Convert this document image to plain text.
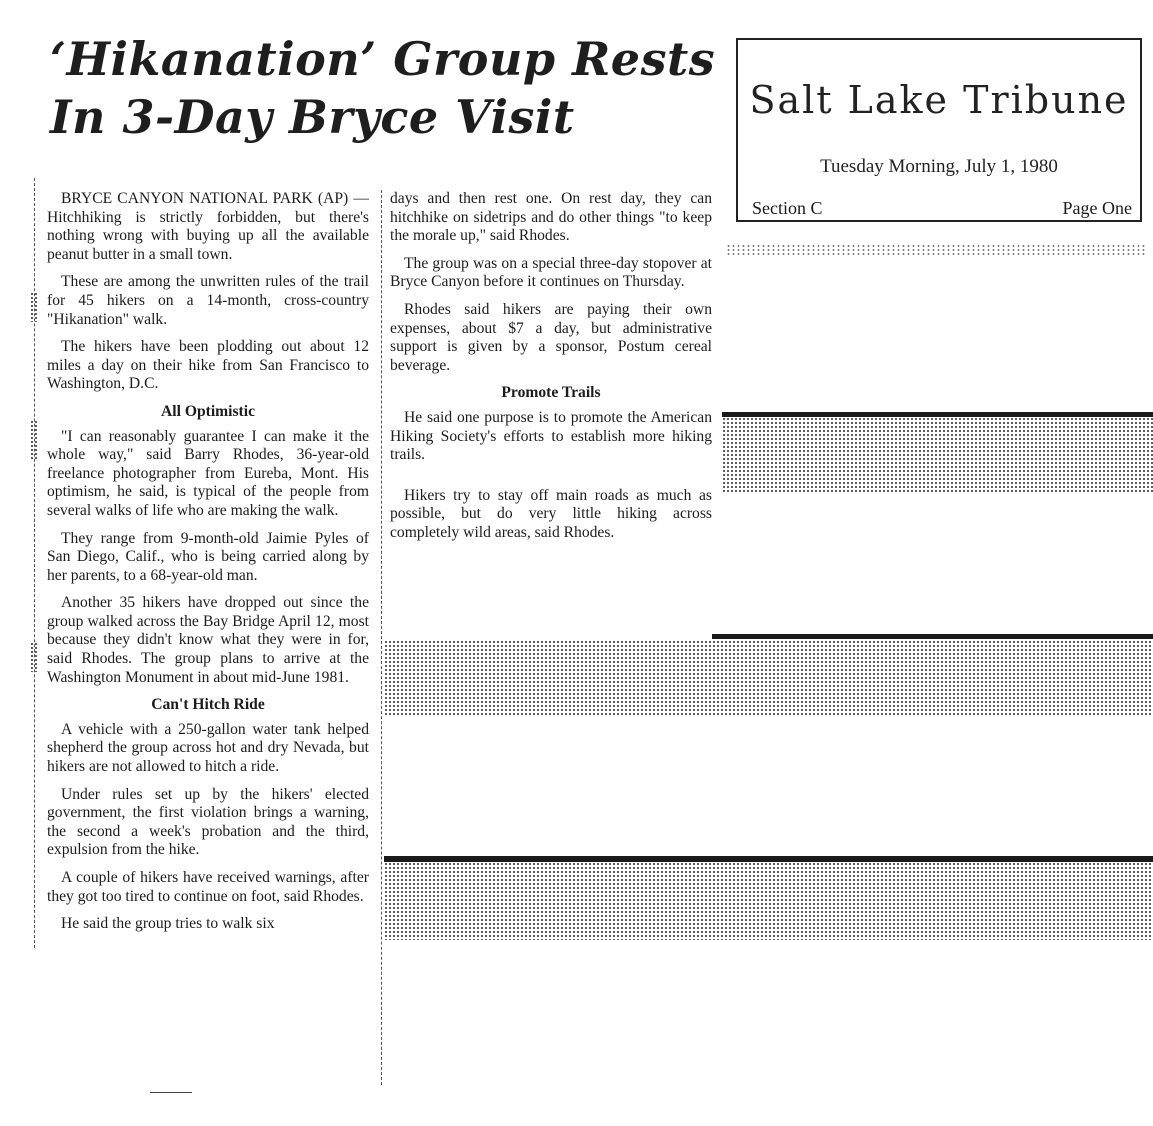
‘Hikanation’ Group Rests
In 3-Day Bryce Visit	Salt Lake Tribune
Tuesday Morning, July 1, 1980
Section C	Page One

BRYCE CANYON NATIONAL PARK (AP) — Hitchhiking is strictly forbidden, but there's nothing wrong with buying up all the available peanut butter in a small town.

These are among the unwritten rules of the trail for 45 hikers on a 14-month, cross-country "Hikanation" walk.

The hikers have been plodding out about 12 miles a day on their hike from San Francisco to Washington, D.C.

All Optimistic

"I can reasonably guarantee I can make it the whole way," said Barry Rhodes, 36-year-old freelance photographer from Eureba, Mont. His optimism, he said, is typical of the people from several walks of life who are making the walk.

They range from 9-month-old Jaimie Pyles of San Diego, Calif., who is being carried along by her parents, to a 68-year-old man.

Another 35 hikers have dropped out since the group walked across the Bay Bridge April 12, most because they didn't know what they were in for, said Rhodes. The group plans to arrive at the Washington Monument in about mid-June 1981.

Can't Hitch Ride

A vehicle with a 250-gallon water tank helped shepherd the group across hot and dry Nevada, but hikers are not allowed to hitch a ride.

Under rules set up by the hikers' elected government, the first violation brings a warning, the second a week's probation and the third, expulsion from the hike.

A couple of hikers have received warnings, after they got too tired to continue on foot, said Rhodes.

He said the group tries to walk six

days and then rest one. On rest day, they can hitchhike on sidetrips and do other things "to keep the morale up," said Rhodes.

The group was on a special three-day stopover at Bryce Canyon before it continues on Thursday.

Rhodes said hikers are paying their own expenses, about $7 a day, but administrative support is given by a sponsor, Postum cereal beverage.

Promote Trails

He said one purpose is to promote the American Hiking Society's efforts to establish more hiking trails.

Hikers try to stay off main roads as much as possible, but do very little hiking across completely wild areas, said Rhodes.
